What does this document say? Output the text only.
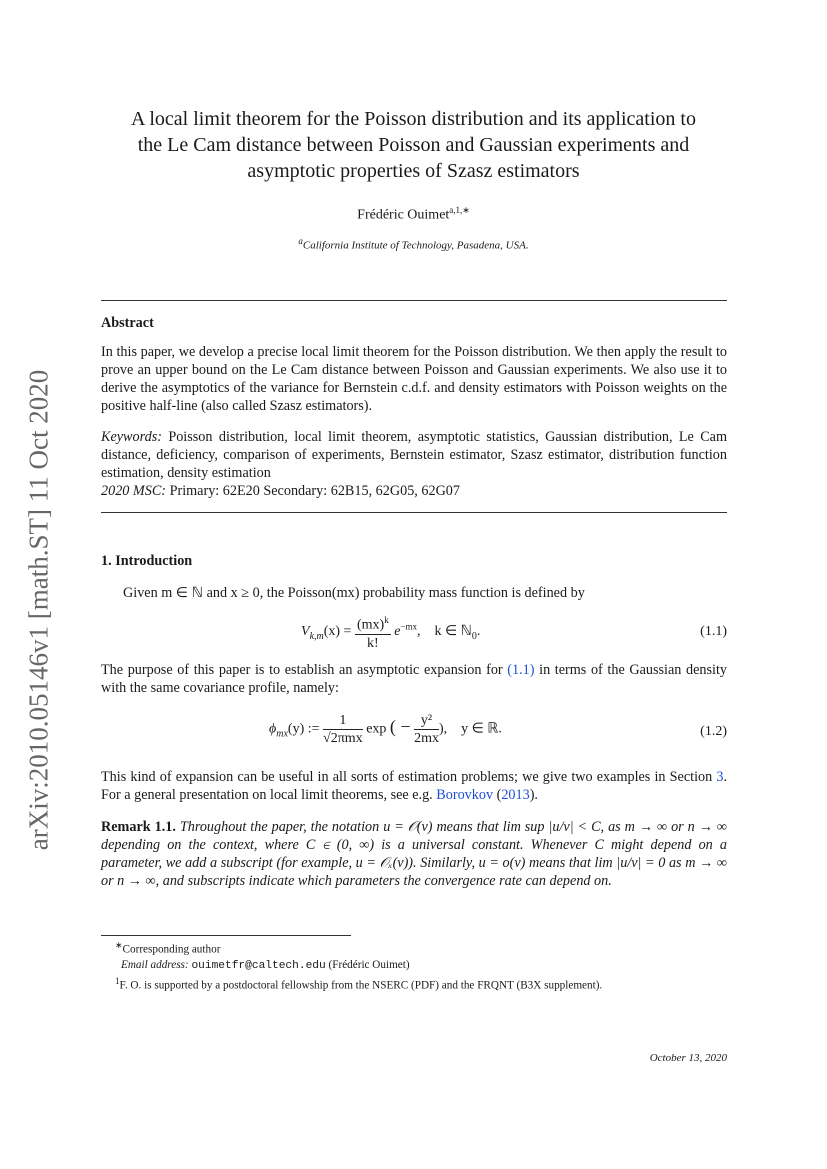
arXiv:2010.05146v1 [math.ST] 11 Oct 2020
A local limit theorem for the Poisson distribution and its application to
the Le Cam distance between Poisson and Gaussian experiments and
asymptotic properties of Szasz estimators
Frédéric Ouimet$^{a,1,∗}$
$^a$California Institute of Technology, Pasadena, USA.
Abstract
In this paper, we develop a precise local limit theorem for the Poisson distribution. We then apply the result to prove an upper bound on the Le Cam distance between Poisson and Gaussian experiments. We also use it to derive the asymptotics of the variance for Bernstein c.d.f. and density estimators with Poisson weights on the positive half-line (also called Szasz estimators).
Keywords: Poisson distribution, local limit theorem, asymptotic statistics, Gaussian distribution, Le Cam distance, deficiency, comparison of experiments, Bernstein estimator, Szasz estimator, distribution function estimation, density estimation
2020 MSC: Primary: 62E20 Secondary: 62B15, 62G05, 62G07
1. Introduction
Given m ∈ ℕ and x ≥ 0, the Poisson(mx) probability mass function is defined by
$V_{k,m}(x) = \frac{(mx)^k}{k!} e^{-mx}$,    k ∈ ℕ$_0$.	(1.1)
The purpose of this paper is to establish an asymptotic expansion for (1.1) in terms of the Gaussian density with the same covariance profile, namely:
$\phi_{mx}(y)$ := $\frac{1}{\text{√2πmx}}$ exp ( − $\frac{\text{y²}}{2mx}$ ),    y ∈ ℝ.	(1.2)
This kind of expansion can be useful in all sorts of estimation problems; we give two examples in Section 3. For a general presentation on local limit theorems, see e.g. Borovkov (2013).
Remark 1.1. Throughout the paper, the notation u = 𝒪(v) means that lim sup |u/v| < C, as m → ∞ or n → ∞ depending on the context, where C ∈ (0, ∞) is a universal constant. Whenever C might depend on a parameter, we add a subscript (for example, u = 𝒪ₓ(v)). Similarly, u = o(v) means that lim |u/v| = 0 as m → ∞ or n → ∞, and subscripts indicate which parameters the convergence rate can depend on.
∗Corresponding author
Email address: ouimetfr@caltech.edu (Frédéric Ouimet)
$^1$F. O. is supported by a postdoctoral fellowship from the NSERC (PDF) and the FRQNT (B3X supplement).
October 13, 2020
